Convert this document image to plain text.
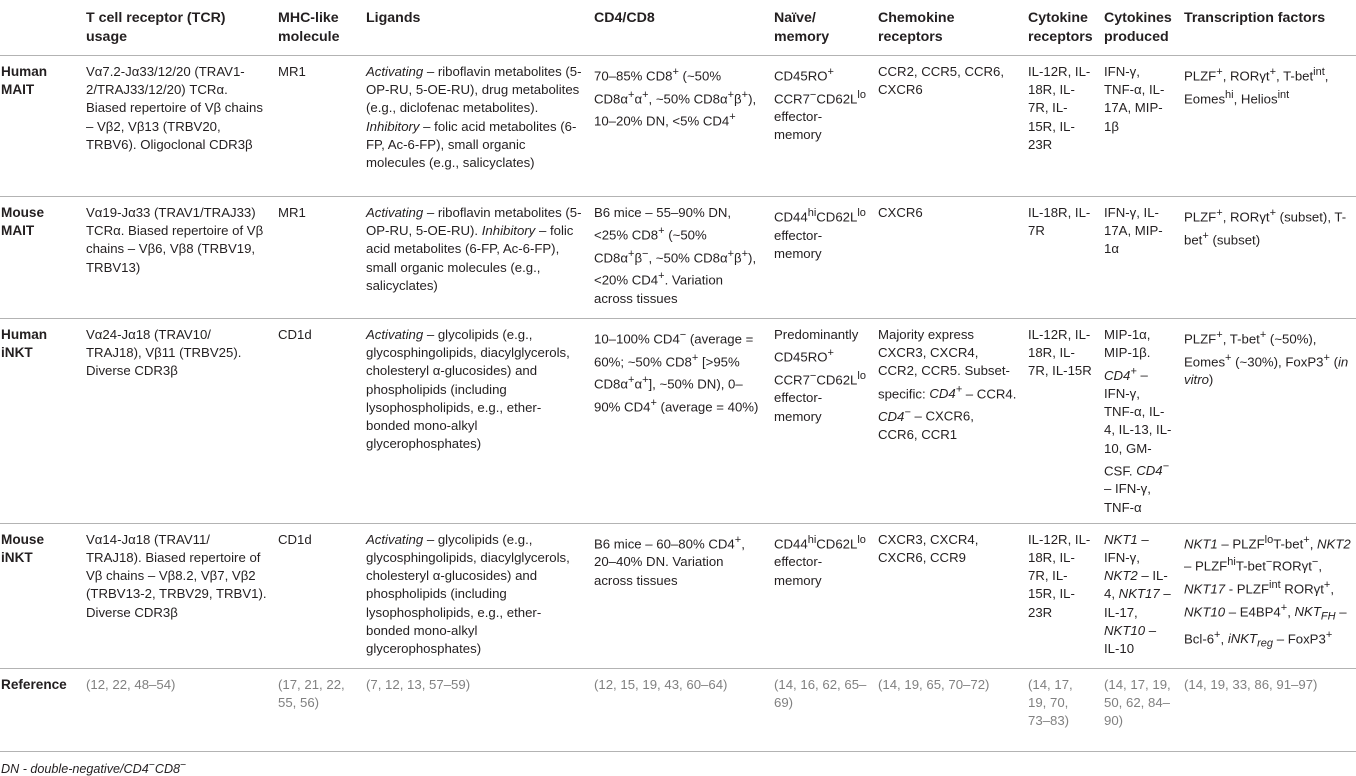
	T cell receptor (TCR) usage	MHC-like molecule	Ligands	CD4/CD8	Naïve/ memory	Chemokine receptors	Cytokine receptors	Cytokines produced	Transcription factors
Human MAIT	Vα7.2-Jα33/12/20 (TRAV1-2/TRAJ33/12/20) TCRα. Biased repertoire of Vβ chains – Vβ2, Vβ13 (TRBV20, TRBV6). Oligoclonal CDR3β	MR1	Activating – riboflavin metabolites (5-OP-RU, 5-OE-RU), drug metabolites (e.g., diclofenac metabolites). Inhibitory – folic acid metabolites (6-FP, Ac-6-FP), small organic molecules (e.g., salicyclates)	70–85% CD8+ (~50% CD8α+α+, ~50% CD8α+β+), 10–20% DN, <5% CD4+	CD45RO+ $CCR7^-CD62L^{lo}$ effector-memory	CCR2, CCR5, CCR6, CXCR6	IL-12R, IL-18R, IL-7R, IL-15R, IL-23R	IFN-γ, TNF-α, IL-17A, MIP-1β	PLZF+, RORγt+, T-bet$^{int}$, Eomes$^{hi}$, Helios$^{int}$
Mouse MAIT	Vα19-Jα33 (TRAV1/TRAJ33) TCRα. Biased repertoire of Vβ chains – Vβ6, Vβ8 (TRBV19, TRBV13)	MR1	Activating – riboflavin metabolites (5-OP-RU, 5-OE-RU). Inhibitory – folic acid metabolites (6-FP, Ac-6-FP), small organic molecules (e.g., salicyclates)	B6 mice – 55–90% DN, <25% CD8+ (~50% CD8α+β−, ~50% CD8α+β+), <20% CD4+. Variation across tissues	$CD44^{hi}CD62L^{lo}$ effector-memory	CXCR6	IL-18R, IL-7R	IFN-γ, IL-17A, MIP-1α	PLZF+, RORγt+ (subset), T-bet+ (subset)
Human iNKT	Vα24-Jα18 (TRAV10/ TRAJ18), Vβ11 (TRBV25). Diverse CDR3β	CD1d	Activating – glycolipids (e.g., glycosphingolipids, diacylglycerols, cholesteryl α-glucosides) and phospholipids (including lysophospholipids, e.g., ether-bonded mono-alkyl glycerophosphates)	10–100% CD4− (average = 60%; ~50% CD8+ [>95% CD8α+α+], ~50% DN), 0–90% CD4+ (average = 40%)	Predominantly CD45RO+ $CCR7^-CD62L^{lo}$ effector-memory	Majority express CXCR3, CXCR4, CCR2, CCR5. Subset-specific: CD4+ – CCR4. CD4− – CXCR6, CCR6, CCR1	IL-12R, IL-18R, IL-7R, IL-15R	MIP-1α, MIP-1β. CD4+ – IFN-γ, TNF-α, IL-4, IL-13, IL-10, GM-CSF. CD4− – IFN-γ, TNF-α	PLZF+, T-bet+ (~50%), Eomes+ (~30%), FoxP3+ (in vitro)
Mouse iNKT	Vα14-Jα18 (TRAV11/ TRAJ18). Biased repertoire of Vβ chains – Vβ8.2, Vβ7, Vβ2 (TRBV13-2, TRBV29, TRBV1). Diverse CDR3β	CD1d	Activating – glycolipids (e.g., glycosphingolipids, diacylglycerols, cholesteryl α-glucosides) and phospholipids (including lysophospholipids, e.g., ether-bonded mono-alkyl glycerophosphates)	B6 mice – 60–80% CD4+, 20–40% DN. Variation across tissues	$CD44^{hi}CD62L^{lo}$ effector-memory	CXCR3, CXCR4, CXCR6, CCR9	IL-12R, IL-18R, IL-7R, IL-15R, IL-23R	NKT1 – IFN-γ, NKT2 – IL-4, NKT17 – IL-17, NKT10 – IL-10	$NKT1 - PLZF^{lo}T-bet^+$, $NKT2 - PLZF^{hi}T-bet^-ROR\gamma t^-$, $NKT17 - PLZF^{int}$ RORγt+, NKT10 – E4BP4+, $NKT_{FH} - Bcl-6^+$, iNKT$_{reg}$ – FoxP3+
Reference	(12, 22, 48–54)	(17, 21, 22, 55, 56)	(7, 12, 13, 57–59)	(12, 15, 19, 43, 60–64)	(14, 16, 62, 65–69)	(14, 19, 65, 70–72)	(14, 17, 19, 70, 73–83)	(14, 17, 19, 50, 62, 84–90)	(14, 19, 33, 86, 91–97)
DN - double-negative/CD4−CD8−
